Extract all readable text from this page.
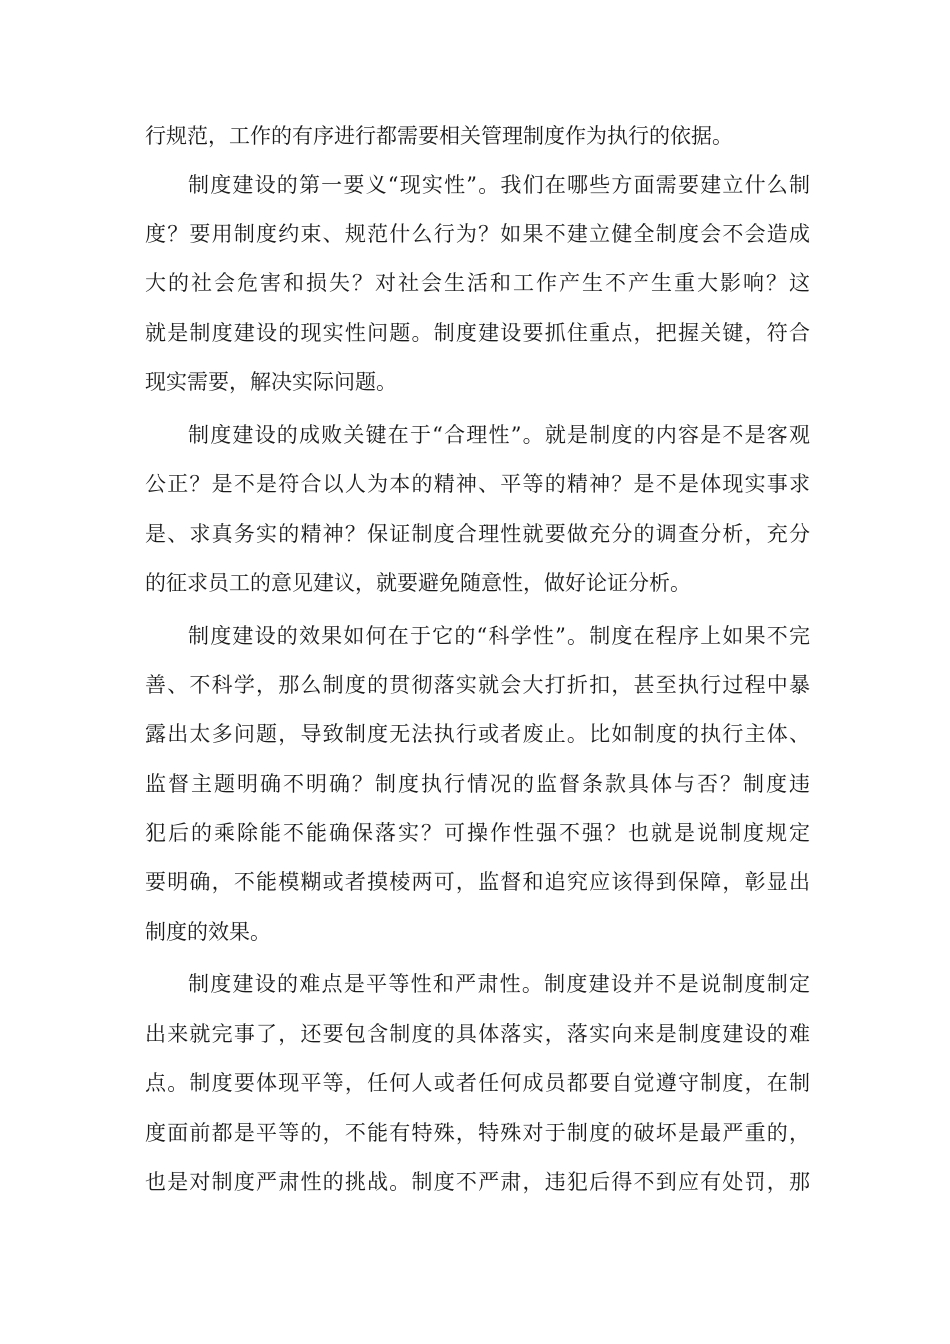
行规范，工作的有序进行都需要相关管理制度作为执行的依据。
制度建设的第一要义“现实性”。我们在哪些方面需要建立什么制
度？要用制度约束、规范什么行为？如果不建立健全制度会不会造成
大的社会危害和损失？对社会生活和工作产生不产生重大影响？这
就是制度建设的现实性问题。制度建设要抓住重点，把握关键，符合
现实需要，解决实际问题。
制度建设的成败关键在于“合理性”。就是制度的内容是不是客观
公正？是不是符合以人为本的精神、平等的精神？是不是体现实事求
是、求真务实的精神？保证制度合理性就要做充分的调查分析，充分
的征求员工的意见建议，就要避免随意性，做好论证分析。
制度建设的效果如何在于它的“科学性”。制度在程序上如果不完
善、不科学，那么制度的贯彻落实就会大打折扣，甚至执行过程中暴
露出太多问题，导致制度无法执行或者废止。比如制度的执行主体、
监督主题明确不明确？制度执行情况的监督条款具体与否？制度违
犯后的乘除能不能确保落实？可操作性强不强？也就是说制度规定
要明确，不能模糊或者摸棱两可，监督和追究应该得到保障，彰显出
制度的效果。
制度建设的难点是平等性和严肃性。制度建设并不是说制度制定
出来就完事了，还要包含制度的具体落实，落实向来是制度建设的难
点。制度要体现平等，任何人或者任何成员都要自觉遵守制度，在制
度面前都是平等的，不能有特殊，特殊对于制度的破坏是最严重的，
也是对制度严肃性的挑战。制度不严肃，违犯后得不到应有处罚，那
